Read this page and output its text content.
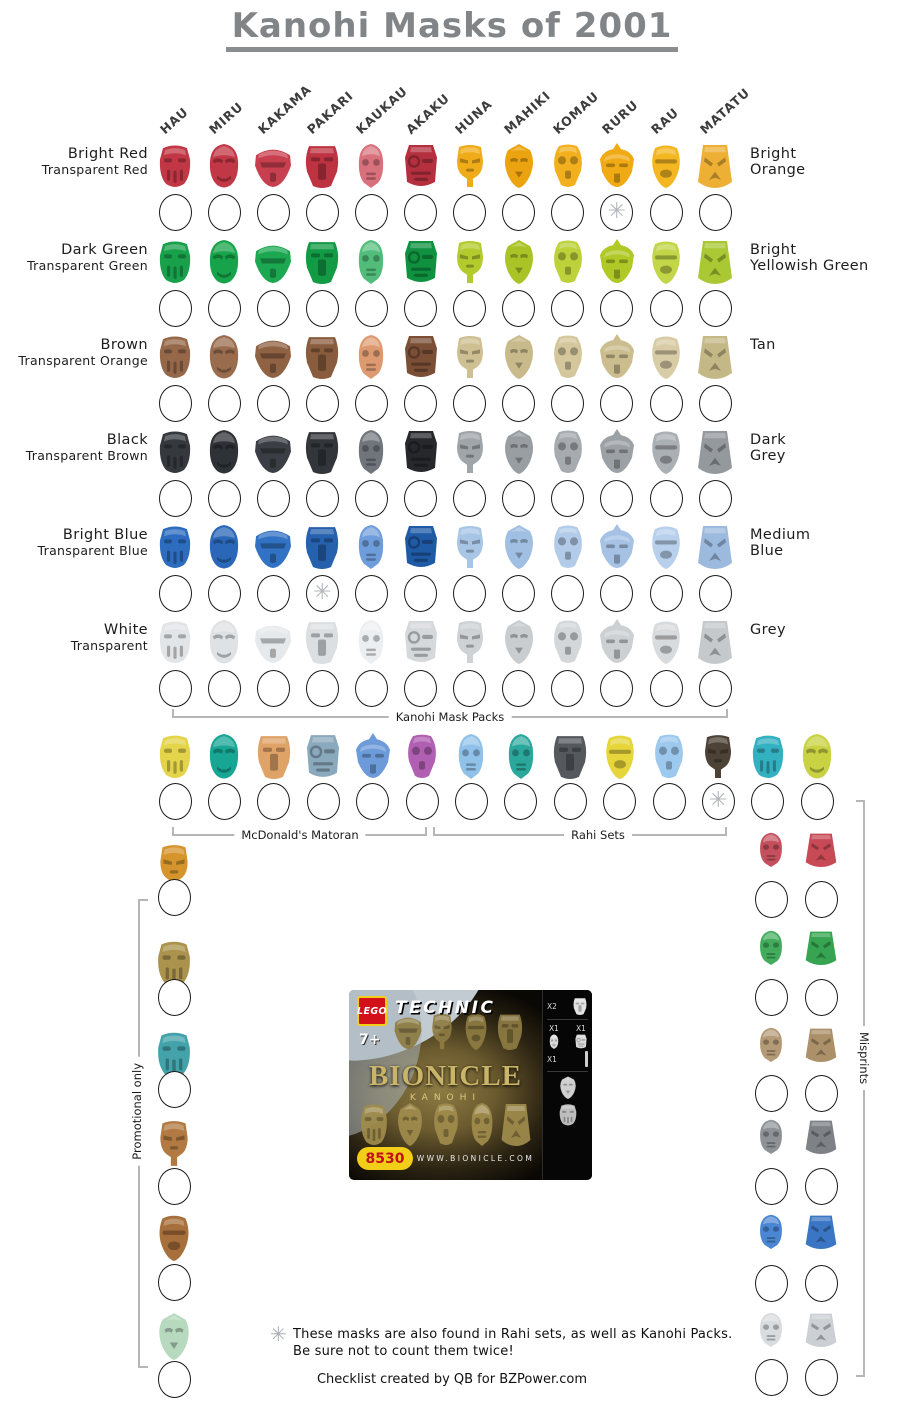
Kanohi Masks of 2001
HAU MIRU KAKAMA
PAKARI
KAUKAU
AKAKU HUNA MAHIKI
KOMAU
RURU RAU MATATU
Bright Red
Transparent Red
Bright
Orange
✳
Dark Green
Transparent Green
Bright
Yellowish Green
Brown
Transparent Orange
Tan
Black
Transparent Brown
Dark
Grey
Bright Blue
Transparent Blue
Medium
Blue
✳
White
Transparent
Grey
Kanohi Mask Packs
✳
McDonald's Matoran	Rahi Sets
Promotional only
Misprints
LEGO TECHNIC
7+
BIONICLE
KANOHI
8530	WWW.BIONICLE.COM
X2
X1 X1
X1
✳ These masks are also found in Rahi sets, as well as Kanohi Packs.
Be sure not to count them twice!
Checklist created by QB for BZPower.com
